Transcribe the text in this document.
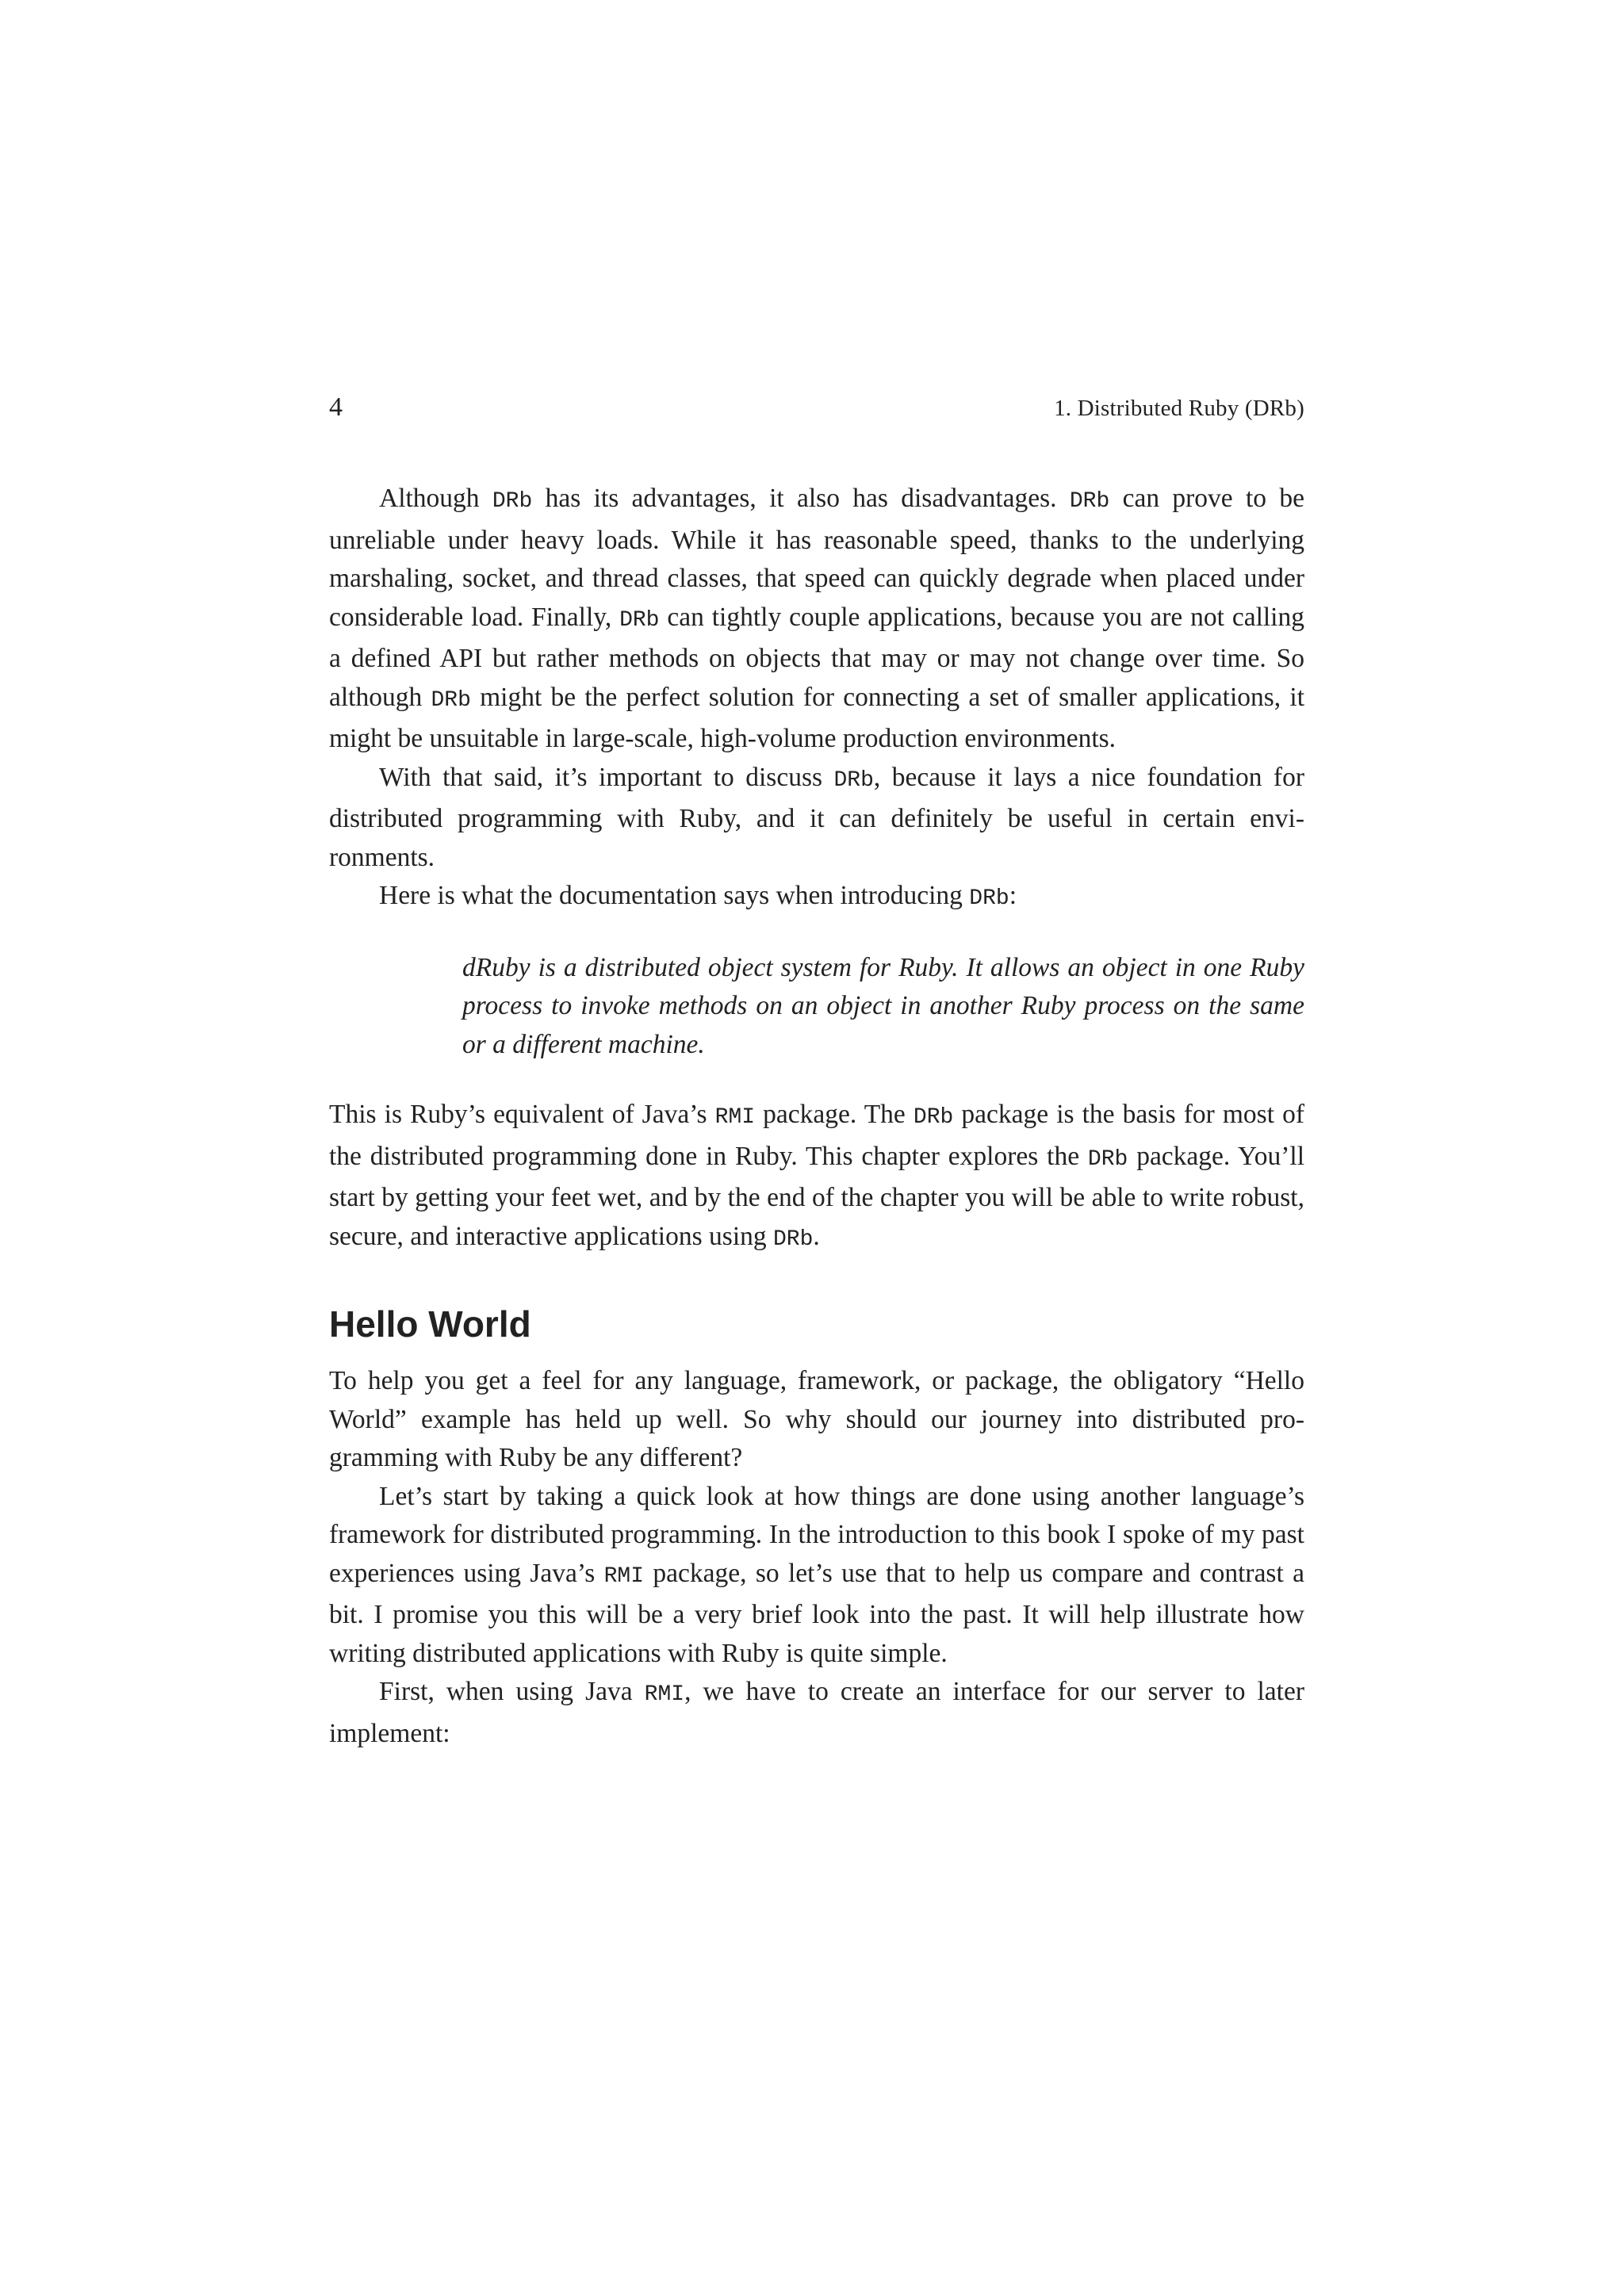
4	1. Distributed Ruby (DRb)

Although DRb has its advantages, it also has disadvantages. DRb can prove to be unreliable under heavy loads. While it has reasonable speed, thanks to the underlying marshaling, socket, and thread classes, that speed can quickly degrade when placed under considerable load. Finally, DRb can tightly couple applications, because you are not calling a defined API but rather methods on objects that may or may not change over time. So although DRb might be the perfect solution for connecting a set of smaller applications, it might be unsuitable in large-scale, high-volume production environments.

With that said, it’s important to discuss DRb, because it lays a nice foundation for distributed programming with Ruby, and it can definitely be useful in certain envi-ronments.

Here is what the documentation says when introducing DRb:

dRuby is a distributed object system for Ruby. It allows an object in one Ruby process to invoke methods on an object in another Ruby process on the same or a different machine.

This is Ruby’s equivalent of Java’s RMI package. The DRb package is the basis for most of the distributed programming done in Ruby. This chapter explores the DRb package. You’ll start by getting your feet wet, and by the end of the chapter you will be able to write robust, secure, and interactive applications using DRb.

Hello World

To help you get a feel for any language, framework, or package, the obligatory “Hello World” example has held up well. So why should our journey into distributed pro-gramming with Ruby be any different?

Let’s start by taking a quick look at how things are done using another language’s framework for distributed programming. In the introduction to this book I spoke of my past experiences using Java’s RMI package, so let’s use that to help us compare and contrast a bit. I promise you this will be a very brief look into the past. It will help illustrate how writing distributed applications with Ruby is quite simple.

First, when using Java RMI, we have to create an interface for our server to later implement:
